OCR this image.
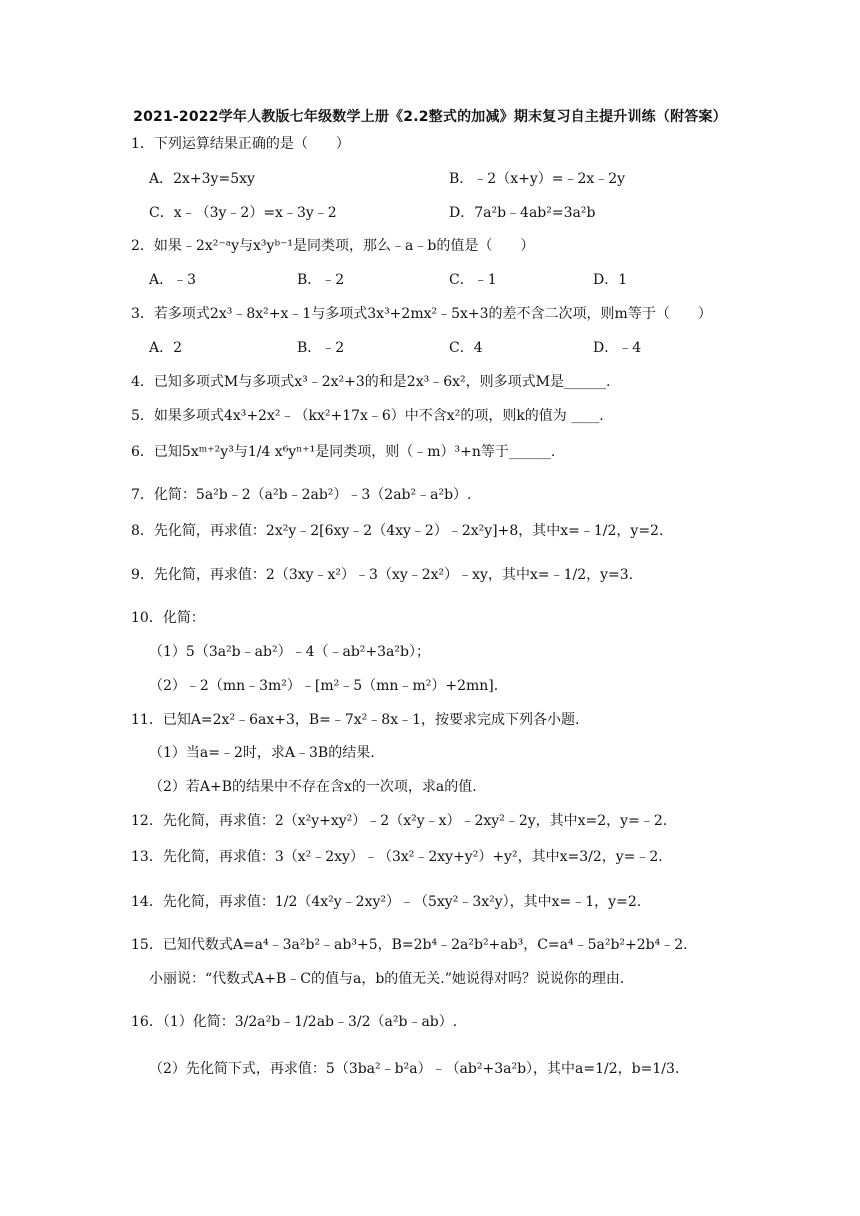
2021-2022学年人教版七年级数学上册《2.2整式的加减》期末复习自主提升训练（附答案）
1．下列运算结果正确的是（　　）
A．2x+3y=5xy	B．﹣2（x+y）=﹣2x﹣2y
C．x﹣（3y﹣2）=x﹣3y﹣2	D．7a²b﹣4ab²=3a²b
2．如果﹣2x²⁻ᵃy与x³yᵇ⁻¹是同类项，那么﹣a﹣b的值是（　　）
A．﹣3	B．﹣2	C．﹣1	D．1
3．若多项式2x³﹣8x²+x﹣1与多项式3x³+2mx²﹣5x+3的差不含二次项，则m等于（　　）
A．2	B．﹣2	C．4	D．﹣4
4．已知多项式M与多项式x³﹣2x²+3的和是2x³﹣6x²，则多项式M是______.
5．如果多项式4x³+2x²﹣（kx²+17x﹣6）中不含x²的项，则k的值为 ____.
6．已知5xᵐ⁺²y³与1/4 x⁶yⁿ⁺¹是同类项，则（﹣m）³+n等于______.
7．化简：5a²b﹣2（a²b﹣2ab²）﹣3（2ab²﹣a²b）.
8．先化简，再求值：2x²y﹣2[6xy﹣2（4xy﹣2）﹣2x²y]+8，其中x=﹣1/2，y=2.
9．先化简，再求值：2（3xy﹣x²）﹣3（xy﹣2x²）﹣xy，其中x=﹣1/2，y=3.
10．化简：
（1）5（3a²b﹣ab²）﹣4（﹣ab²+3a²b）；
（2）﹣2（mn﹣3m²）﹣[m²﹣5（mn﹣m²）+2mn].
11．已知A=2x²﹣6ax+3，B=﹣7x²﹣8x﹣1，按要求完成下列各小题.
（1）当a=﹣2时，求A﹣3B的结果.
（2）若A+B的结果中不存在含x的一次项，求a的值.
12．先化简，再求值：2（x²y+xy²）﹣2（x²y﹣x）﹣2xy²﹣2y，其中x=2，y=﹣2.
13．先化简，再求值：3（x²﹣2xy）﹣（3x²﹣2xy+y²）+y²，其中x=3/2，y=﹣2.
14．先化简，再求值：1/2（4x²y﹣2xy²）﹣（5xy²﹣3x²y），其中x=﹣1，y=2.
15．已知代数式A=a⁴﹣3a²b²﹣ab³+5，B=2b⁴﹣2a²b²+ab³，C=a⁴﹣5a²b²+2b⁴﹣2.
小丽说：“代数式A+B﹣C的值与a，b的值无关.”她说得对吗？说说你的理由.
16．（1）化简：3/2a²b﹣1/2ab﹣3/2（a²b﹣ab）.
（2）先化简下式，再求值：5（3ba²﹣b²a）﹣（ab²+3a²b），其中a=1/2，b=1/3.
